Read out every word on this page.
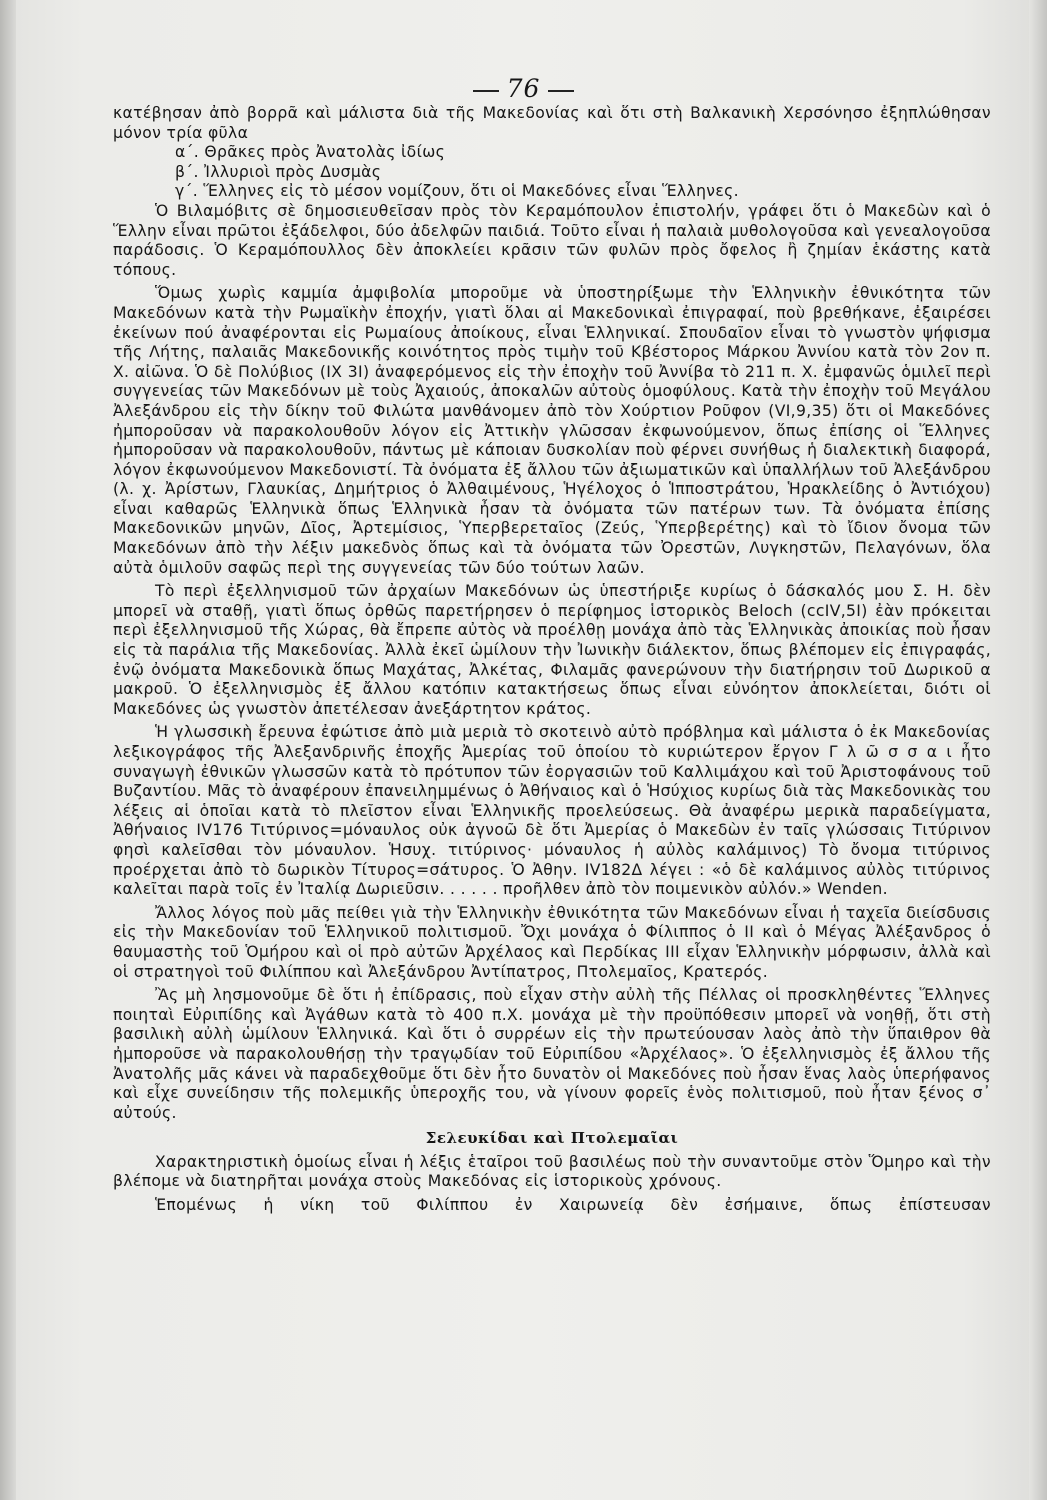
76

κατέβησαν ἀπὸ βορρᾶ καὶ μάλιστα διὰ τῆς Μακεδονίας καὶ ὅτι στὴ Βαλκανικὴ Χερσόνησο ἐξηπλώθησαν μόνον τρία φῦλα

α΄. Θρᾶκες πρὸς Ἀνατολὰς ἰδίως

β΄. Ἰλλυριοὶ πρὸς Δυσμὰς

γ΄. Ἕλληνες εἰς τὸ μέσον νομίζουν, ὅτι οἱ Μακεδόνες εἶναι Ἕλληνες.

Ὁ Βιλαμόβιτς σὲ δημοσιευθεῖσαν πρὸς τὸν Κεραμόπουλον ἐπιστολήν, γράφει ὅτι ὁ Μακεδὼν καὶ ὁ Ἕλλην εἶναι πρῶτοι ἐξάδελφοι, δύο ἀδελφῶν παιδιά. Τοῦτο εἶναι ἡ παλαιὰ μυθολογοῦσα καὶ γενεαλογοῦσα παράδοσις. Ὁ Κεραμόπουλλος δὲν ἀποκλείει κρᾶσιν τῶν φυλῶν πρὸς ὄφελος ἢ ζημίαν ἑκάστης κατὰ τόπους.

Ὅμως χωρὶς καμμία ἀμφιβολία μποροῦμε νὰ ὑποστηρίξωμε τὴν Ἑλληνικὴν ἐθνικότητα τῶν Μακεδόνων κατὰ τὴν Ρωμαϊκὴν ἐποχήν, γιατὶ ὅλαι αἱ Μακεδονικαὶ ἐπιγραφαί, ποὺ βρεθήκανε, ἐξαιρέσει ἐκείνων πού ἀναφέρονται εἰς Ρωμαίους ἀποίκους, εἶναι Ἑλληνικαί. Σπουδαῖον εἶναι τὸ γνωστὸν ψήφισμα τῆς Λήτης, παλαιᾶς Μακεδονικῆς κοινότητος πρὸς τιμὴν τοῦ Κβέστορος Μάρκου Ἀννίου κατὰ τὸν 2ον π. Χ. αἰῶνα. Ὁ δὲ Πολύβιος (ΙΧ 3Ι) ἀναφερόμενος εἰς τὴν ἐποχὴν τοῦ Ἀννίβα τὸ 211 π. Χ. ἐμφανῶς ὁμιλεῖ περὶ συγγενείας τῶν Μακεδόνων μὲ τοὺς Ἀχαιούς, ἀποκαλῶν αὐτοὺς ὁμοφύλους. Κατὰ τὴν ἐποχὴν τοῦ Μεγάλου Ἀλεξάνδρου εἰς τὴν δίκην τοῦ Φιλώτα μανθάνομεν ἀπὸ τὸν Χούρτιον Ροῦφον (VI,9,35) ὅτι οἱ Μακεδόνες ἠμποροῦσαν νὰ παρακολουθοῦν λόγον εἰς Ἀττικὴν γλῶσσαν ἐκφωνούμενον, ὅπως ἐπίσης οἱ Ἕλληνες ἠμποροῦσαν νὰ παρακολουθοῦν, πάντως μὲ κάποιαν δυσκολίαν ποὺ φέρνει συνήθως ἡ διαλεκτικὴ διαφορά, λόγον ἐκφωνούμενον Μακεδονιστί. Τὰ ὀνόματα ἐξ ἄλλου τῶν ἀξιωματικῶν καὶ ὑπαλλήλων τοῦ Ἀλεξάνδρου (λ. χ. Ἀρίστων, Γλαυκίας, Δημήτριος ὁ Ἀλθαιμένους, Ἡγέλοχος ὁ Ἱπποστράτου, Ἡρακλείδης ὁ Ἀντιόχου) εἶναι καθαρῶς Ἑλληνικὰ ὅπως Ἑλληνικὰ ἦσαν τὰ ὀνόματα τῶν πατέρων των. Τὰ ὀνόματα ἐπίσης Μακεδονικῶν μηνῶν, Δῖος, Ἀρτεμίσιος, Ὑπερβερεταῖος (Ζεύς, Ὑπερβερέτης) καὶ τὸ ἴδιον ὄνομα τῶν Μακεδόνων ἀπὸ τὴν λέξιν μακεδνὸς ὅπως καὶ τὰ ὀνόματα τῶν Ὀρεστῶν, Λυγκηστῶν, Πελαγόνων, ὅλα αὐτὰ ὁμιλοῦν σαφῶς περὶ της συγγενείας τῶν δύο τούτων λαῶν.

Τὸ περὶ ἐξελληνισμοῦ τῶν ἀρχαίων Μακεδόνων ὡς ὑπεστήριξε κυρίως ὁ δάσκαλός μου Σ. Η. δὲν μπορεῖ νὰ σταθῇ, γιατὶ ὅπως ὀρθῶς παρετήρησεν ὁ περίφημος ἱστορικὸς Beloch (ccIV,5I) ἐὰν πρόκειται περὶ ἐξελληνισμοῦ τῆς Χώρας, θὰ ἔπρεπε αὐτὸς νὰ προέλθῃ μονάχα ἀπὸ τὰς Ἑλληνικὰς ἀποικίας ποὺ ἦσαν εἰς τὰ παράλια τῆς Μακεδονίας. Ἀλλὰ ἐκεῖ ὡμίλουν τὴν Ἰωνικὴν διάλεκτον, ὅπως βλέπομεν εἰς ἐπιγραφάς, ἐνῷ ὀνόματα Μακεδονικὰ ὅπως Μαχάτας, Ἀλκέτας, Φιλαμᾶς φανερώνουν τὴν διατήρησιν τοῦ Δωρικοῦ α μακροῦ. Ὁ ἐξελληνισμὸς ἐξ ἄλλου κατόπιν κατακτήσεως ὅπως εἶναι εὐνόητον ἀποκλείεται, διότι οἱ Μακεδόνες ὡς γνωστὸν ἀπετέλεσαν ἀνεξάρτητον κράτος.

Ἡ γλωσσικὴ ἔρευνα ἐφώτισε ἀπὸ μιὰ μεριὰ τὸ σκοτεινὸ αὐτὸ πρόβλημα καὶ μάλιστα ὁ ἐκ Μακεδονίας λεξικογράφος τῆς Ἀλεξανδρινῆς ἐποχῆς Ἀμερίας τοῦ ὁποίου τὸ κυριώτερον ἔργον Γ λ ῶ σ σ α ι ἦτο συναγωγὴ ἐθνικῶν γλωσσῶν κατὰ τὸ πρότυπον τῶν ἐοργασιῶν τοῦ Καλλιμάχου καὶ τοῦ Ἀριστοφάνους τοῦ Βυζαντίου. Μᾶς τὸ ἀναφέρουν ἐπανειλημμένως ὁ Ἀθήναιος καὶ ὁ Ἡσύχιος κυρίως διὰ τὰς Μακεδονικὰς του λέξεις αἱ ὁποῖαι κατὰ τὸ πλεῖστον εἶναι Ἑλληνικῆς προελεύσεως. Θὰ ἀναφέρω μερικὰ παραδείγματα, Ἀθήναιος IV176 Τιτύρινος=μόναυλος οὐκ ἀγνοῶ δὲ ὅτι Ἀμερίας ὁ Μακεδὼν ἐν ταῖς γλώσσαις Τιτύρινον φησὶ καλεῖσθαι τὸν μόναυλον. Ἡσυχ. τιτύρινος· μόναυλος ἡ αὐλὸς καλάμινος) Τὸ ὄνομα τιτύρινος προέρχεται ἀπὸ τὸ δωρικὸν Τίτυρος=σάτυρος. Ὁ Ἀθην. IV182Δ λέγει : «ὁ δὲ καλάμινος αὐλὸς τιτύρινος καλεῖται παρὰ τοῖς ἐν Ἰταλίᾳ Δωριεῦσιν. . . . . . προῆλθεν ἀπὸ τὸν ποιμενικὸν αὐλόν.» Wenden.

Ἄλλος λόγος ποὺ μᾶς πείθει γιὰ τὴν Ἑλληνικὴν ἐθνικότητα τῶν Μακεδόνων εἶναι ἡ ταχεῖα διείσδυσις εἰς τὴν Μακεδονίαν τοῦ Ἑλληνικοῦ πολιτισμοῦ. Ὄχι μονάχα ὁ Φίλιππος ὁ ΙΙ καὶ ὁ Μέγας Ἀλέξανδρος ὁ θαυμαστὴς τοῦ Ὁμήρου καὶ οἱ πρὸ αὐτῶν Ἀρχέλαος καὶ Περδίκας ΙΙΙ εἶχαν Ἑλληνικὴν μόρφωσιν, ἀλλὰ καὶ οἱ στρατηγοὶ τοῦ Φιλίππου καὶ Ἀλεξάνδρου Ἀντίπατρος, Πτολεμαῖος, Κρατερός.

Ἂς μὴ λησμονοῦμε δὲ ὅτι ἡ ἐπίδρασις, ποὺ εἶχαν στὴν αὐλὴ τῆς Πέλλας οἱ προσκληθέντες Ἕλληνες ποιηταὶ Εὐριπίδης καὶ Ἀγάθων κατὰ τὸ 400 π.Χ. μονάχα μὲ τὴν προϋπόθεσιν μπορεῖ νὰ νοηθῇ, ὅτι στὴ βασιλικὴ αὐλὴ ὡμίλουν Ἑλληνικά. Καὶ ὅτι ὁ συρρέων εἰς τὴν πρωτεύουσαν λαὸς ἀπὸ τὴν ὕπαιθρον θὰ ἠμποροῦσε νὰ παρακολουθήσῃ τὴν τραγῳδίαν τοῦ Εὐριπίδου «Ἀρχέλαος». Ὁ ἐξελληνισμὸς ἐξ ἄλλου τῆς Ἀνατολῆς μᾶς κάνει νὰ παραδεχθοῦμε ὅτι δὲν ἦτο δυνατὸν οἱ Μακεδόνες ποὺ ἦσαν ἕνας λαὸς ὑπερήφανος καὶ εἶχε συνείδησιν τῆς πολεμικῆς ὑπεροχῆς του, νὰ γίνουν φορεῖς ἑνὸς πολιτισμοῦ, ποὺ ἦταν ξένος σ᾽ αὐτούς.

Σελευκίδαι καὶ Πτολεμαῖαι

Χαρακτηριστικὴ ὁμοίως εἶναι ἡ λέξις ἑταῖροι τοῦ βασιλέως ποὺ τὴν συναντοῦμε στὸν Ὅμηρο καὶ τὴν βλέπομε νὰ διατηρῆται μονάχα στοὺς Μακεδόνας εἰς ἱστορικοὺς χρόνους.

Ἑπομένως ἡ νίκη τοῦ Φιλίππου ἐν Χαιρωνείᾳ δὲν ἐσήμαινε, ὅπως ἐπίστευσαν
